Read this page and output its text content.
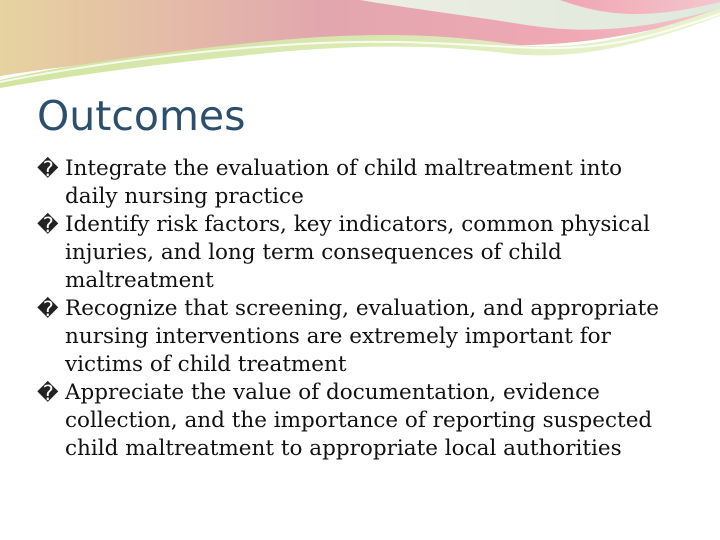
Outcomes
� Integrate the evaluation of child maltreatment into
daily nursing practice
� Identify risk factors, key indicators, common physical
injuries, and long term consequences of child
maltreatment
� Recognize that screening, evaluation, and appropriate
nursing interventions are extremely important for
victims of child treatment
� Appreciate the value of documentation, evidence
collection, and the importance of reporting suspected
child maltreatment to appropriate local authorities
